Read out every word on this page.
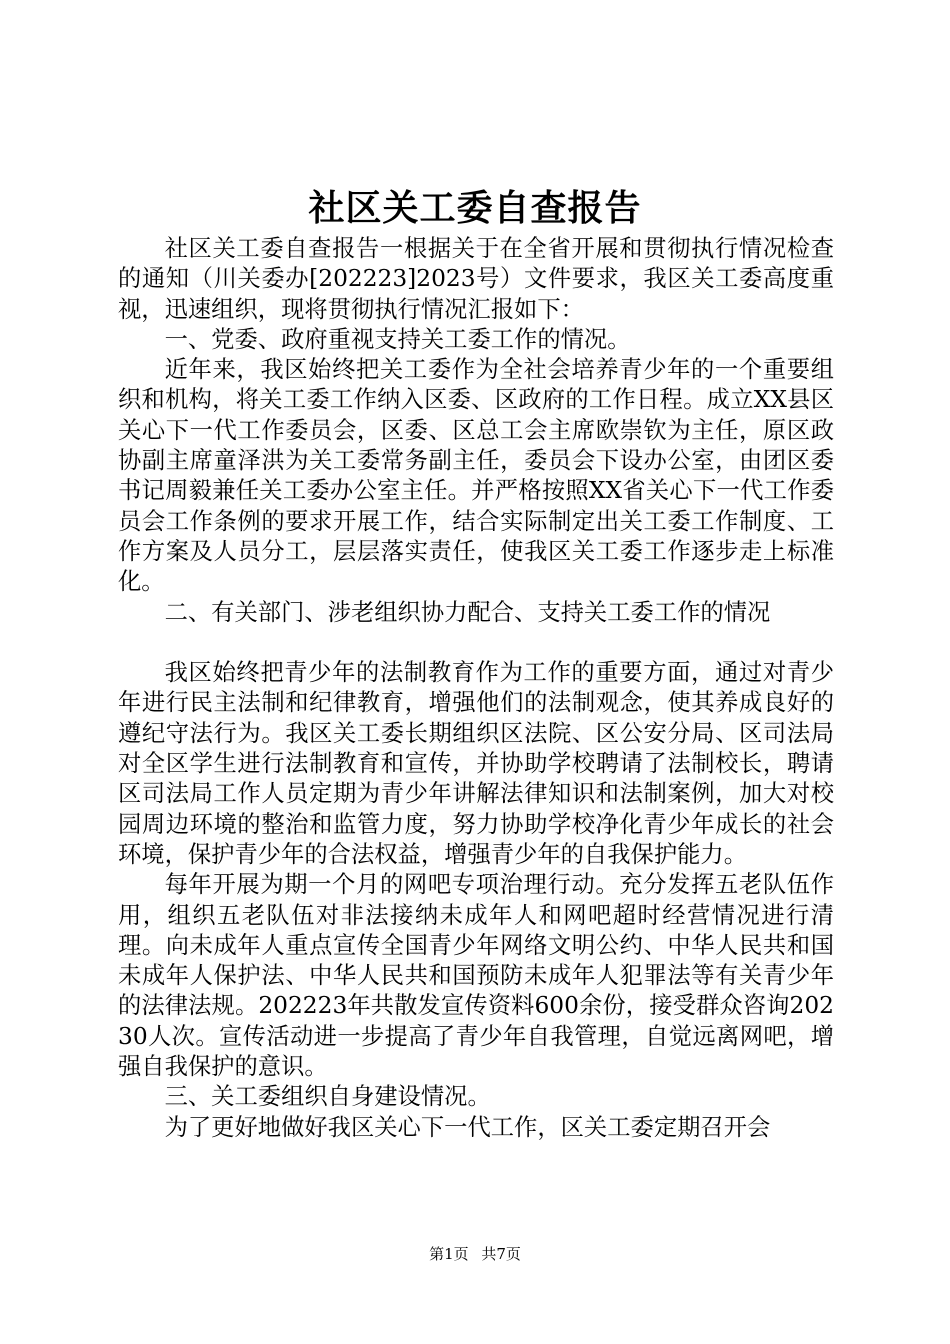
社区关工委自查报告

社区关工委自查报告一根据关于在全省开展和贯彻执行情况检查的通知（川关委办[202223]2023号）文件要求，我区关工委高度重视，迅速组织，现将贯彻执行情况汇报如下：

一、党委、政府重视支持关工委工作的情况。

近年来，我区始终把关工委作为全社会培养青少年的一个重要组织和机构，将关工委工作纳入区委、区政府的工作日程。成立XX县区关心下一代工作委员会，区委、区总工会主席欧崇钦为主任，原区政协副主席童泽洪为关工委常务副主任，委员会下设办公室，由团区委书记周毅兼任关工委办公室主任。并严格按照XX省关心下一代工作委员会工作条例的要求开展工作，结合实际制定出关工委工作制度、工作方案及人员分工，层层落实责任，使我区关工委工作逐步走上标准化。

二、有关部门、涉老组织协力配合、支持关工委工作的情况

我区始终把青少年的法制教育作为工作的重要方面，通过对青少年进行民主法制和纪律教育，增强他们的法制观念，使其养成良好的遵纪守法行为。我区关工委长期组织区法院、区公安分局、区司法局对全区学生进行法制教育和宣传，并协助学校聘请了法制校长，聘请区司法局工作人员定期为青少年讲解法律知识和法制案例，加大对校园周边环境的整治和监管力度，努力协助学校净化青少年成长的社会环境，保护青少年的合法权益，增强青少年的自我保护能力。

每年开展为期一个月的网吧专项治理行动。充分发挥五老队伍作用，组织五老队伍对非法接纳未成年人和网吧超时经营情况进行清理。向未成年人重点宣传全国青少年网络文明公约、中华人民共和国未成年人保护法、中华人民共和国预防未成年人犯罪法等有关青少年的法律法规。202223年共散发宣传资料600余份，接受群众咨询20230人次。宣传活动进一步提高了青少年自我管理，自觉远离网吧，增强自我保护的意识。

三、关工委组织自身建设情况。

为了更好地做好我区关心下一代工作，区关工委定期召开会

第1页 共7页
